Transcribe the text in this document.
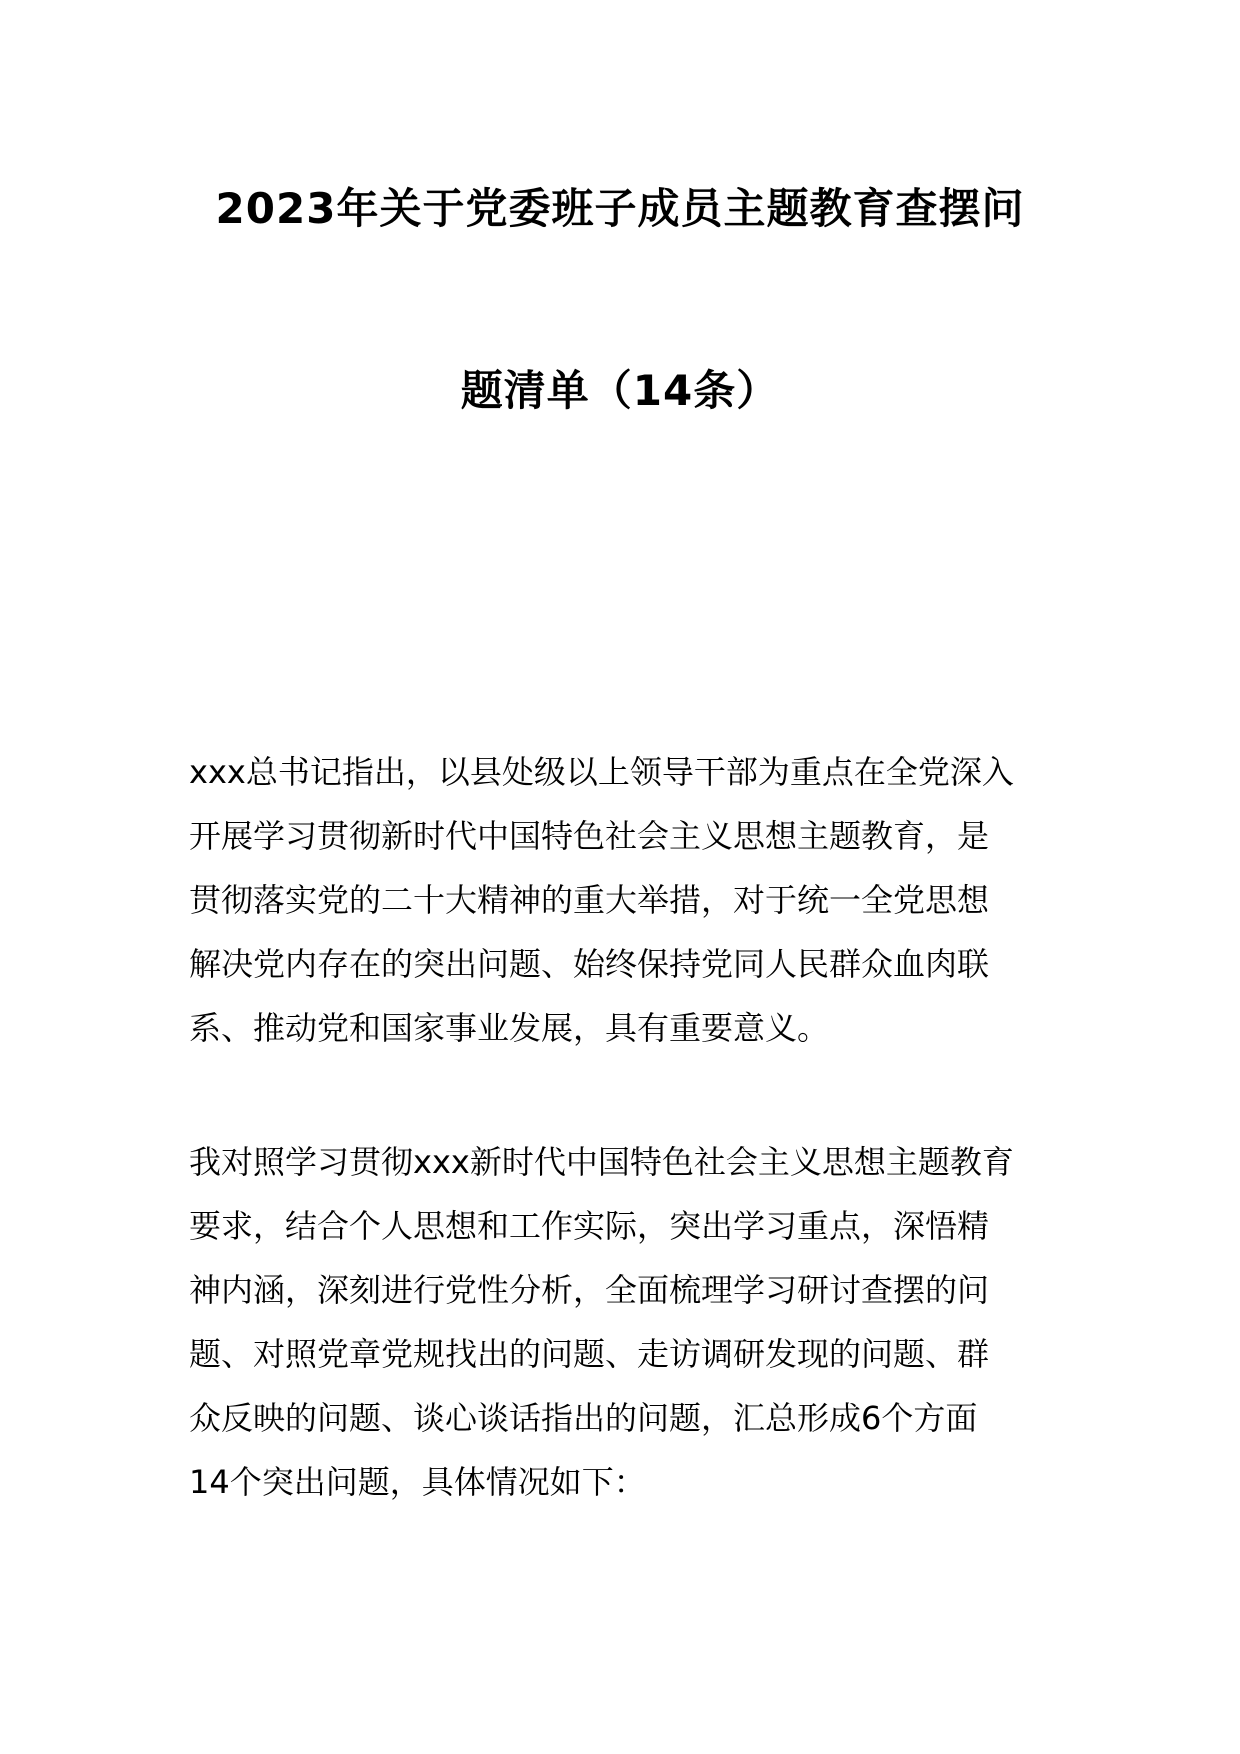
2023年关于党委班子成员主题教育查摆问
题清单（14条）
xxx总书记指出，以县处级以上领导干部为重点在全党深入
开展学习贯彻新时代中国特色社会主义思想主题教育，是
贯彻落实党的二十大精神的重大举措，对于统一全党思想
解决党内存在的突出问题、始终保持党同人民群众血肉联
系、推动党和国家事业发展，具有重要意义。
我对照学习贯彻xxx新时代中国特色社会主义思想主题教育
要求，结合个人思想和工作实际，突出学习重点，深悟精
神内涵，深刻进行党性分析，全面梳理学习研讨查摆的问
题、对照党章党规找出的问题、走访调研发现的问题、群
众反映的问题、谈心谈话指出的问题，汇总形成6个方面
14个突出问题，具体情况如下：
